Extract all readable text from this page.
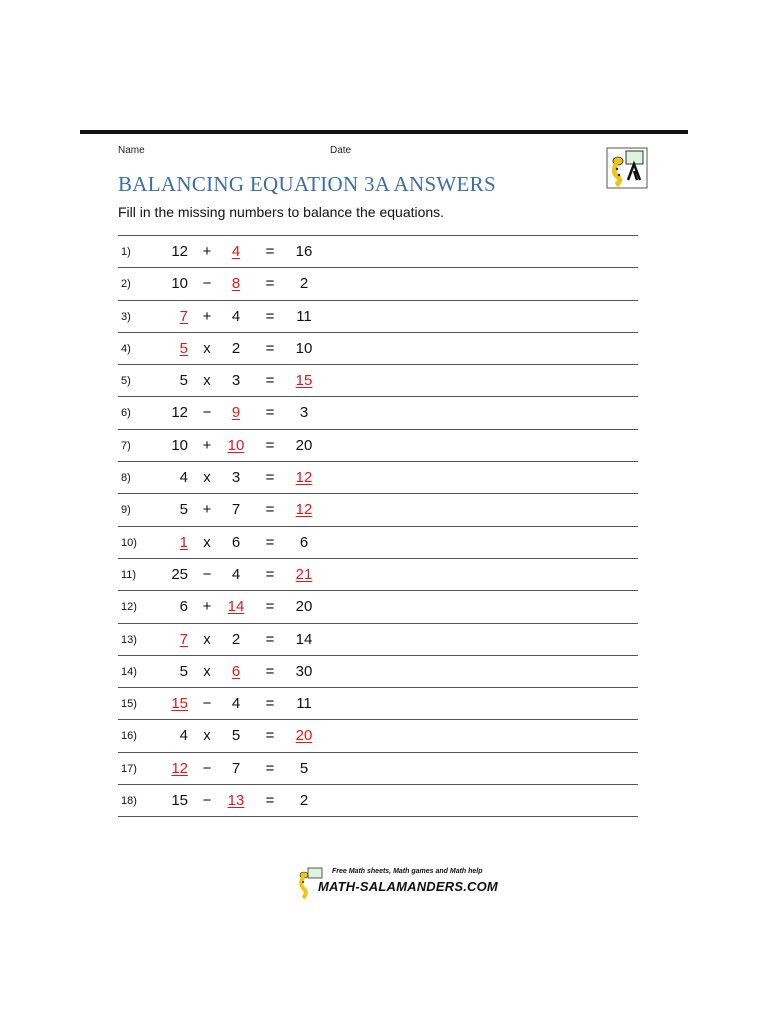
Name	Date
BALANCING EQUATION 3A ANSWERS
Fill in the missing numbers to balance the equations.
1)	12 +	4	=	16
2)	10 −	8	=	2
3)	7 +	4	=	11
4)	5 x	2	=	10
5)	5 x	3	=	15
6)	12 −	9	=	3
7)	10 + 10 =	20
8)	4 x	3	=	12
9)	5 +	7	=	12
10)	1 x	6	=	6
11)	25 −	4	=	21
12)	6 + 14 =	20
13)	7 x	2	=	14
14)	5 x	6	=	30
15)	15 −	4	=	11
16)	4 x	5	=	20
17)	12 −	7	=	5
18)	15 − 13 =	2
Free Math sheets, Math games and Math help
MATH-SALAMANDERS.COM
